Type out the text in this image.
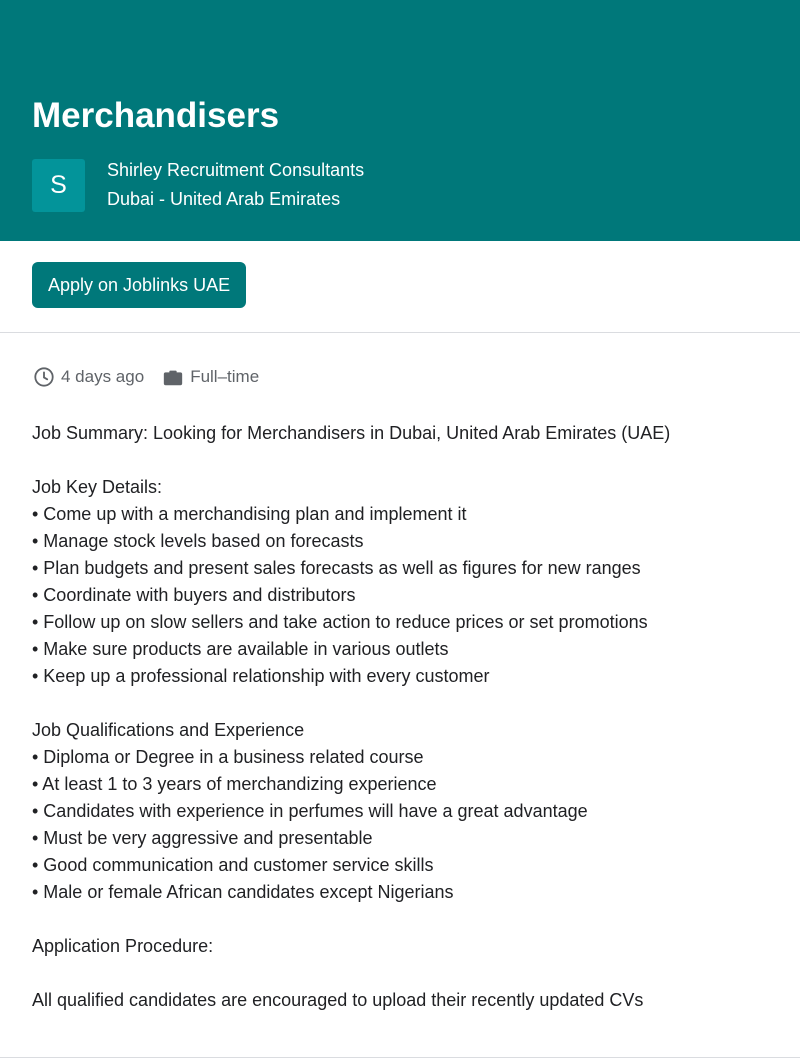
Merchandisers
S
Shirley Recruitment Consultants
Dubai - United Arab Emirates
Apply on Joblinks UAE
4 days ago	Full–time
Job Summary: Looking for Merchandisers in Dubai, United Arab Emirates (UAE)
Job Key Details:
• Come up with a merchandising plan and implement it
• Manage stock levels based on forecasts
• Plan budgets and present sales forecasts as well as figures for new ranges
• Coordinate with buyers and distributors
• Follow up on slow sellers and take action to reduce prices or set promotions
• Make sure products are available in various outlets
• Keep up a professional relationship with every customer
Job Qualifications and Experience
• Diploma or Degree in a business related course
• At least 1 to 3 years of merchandizing experience
• Candidates with experience in perfumes will have a great advantage
• Must be very aggressive and presentable
• Good communication and customer service skills
• Male or female African candidates except Nigerians
Application Procedure:
All qualified candidates are encouraged to upload their recently updated CVs
